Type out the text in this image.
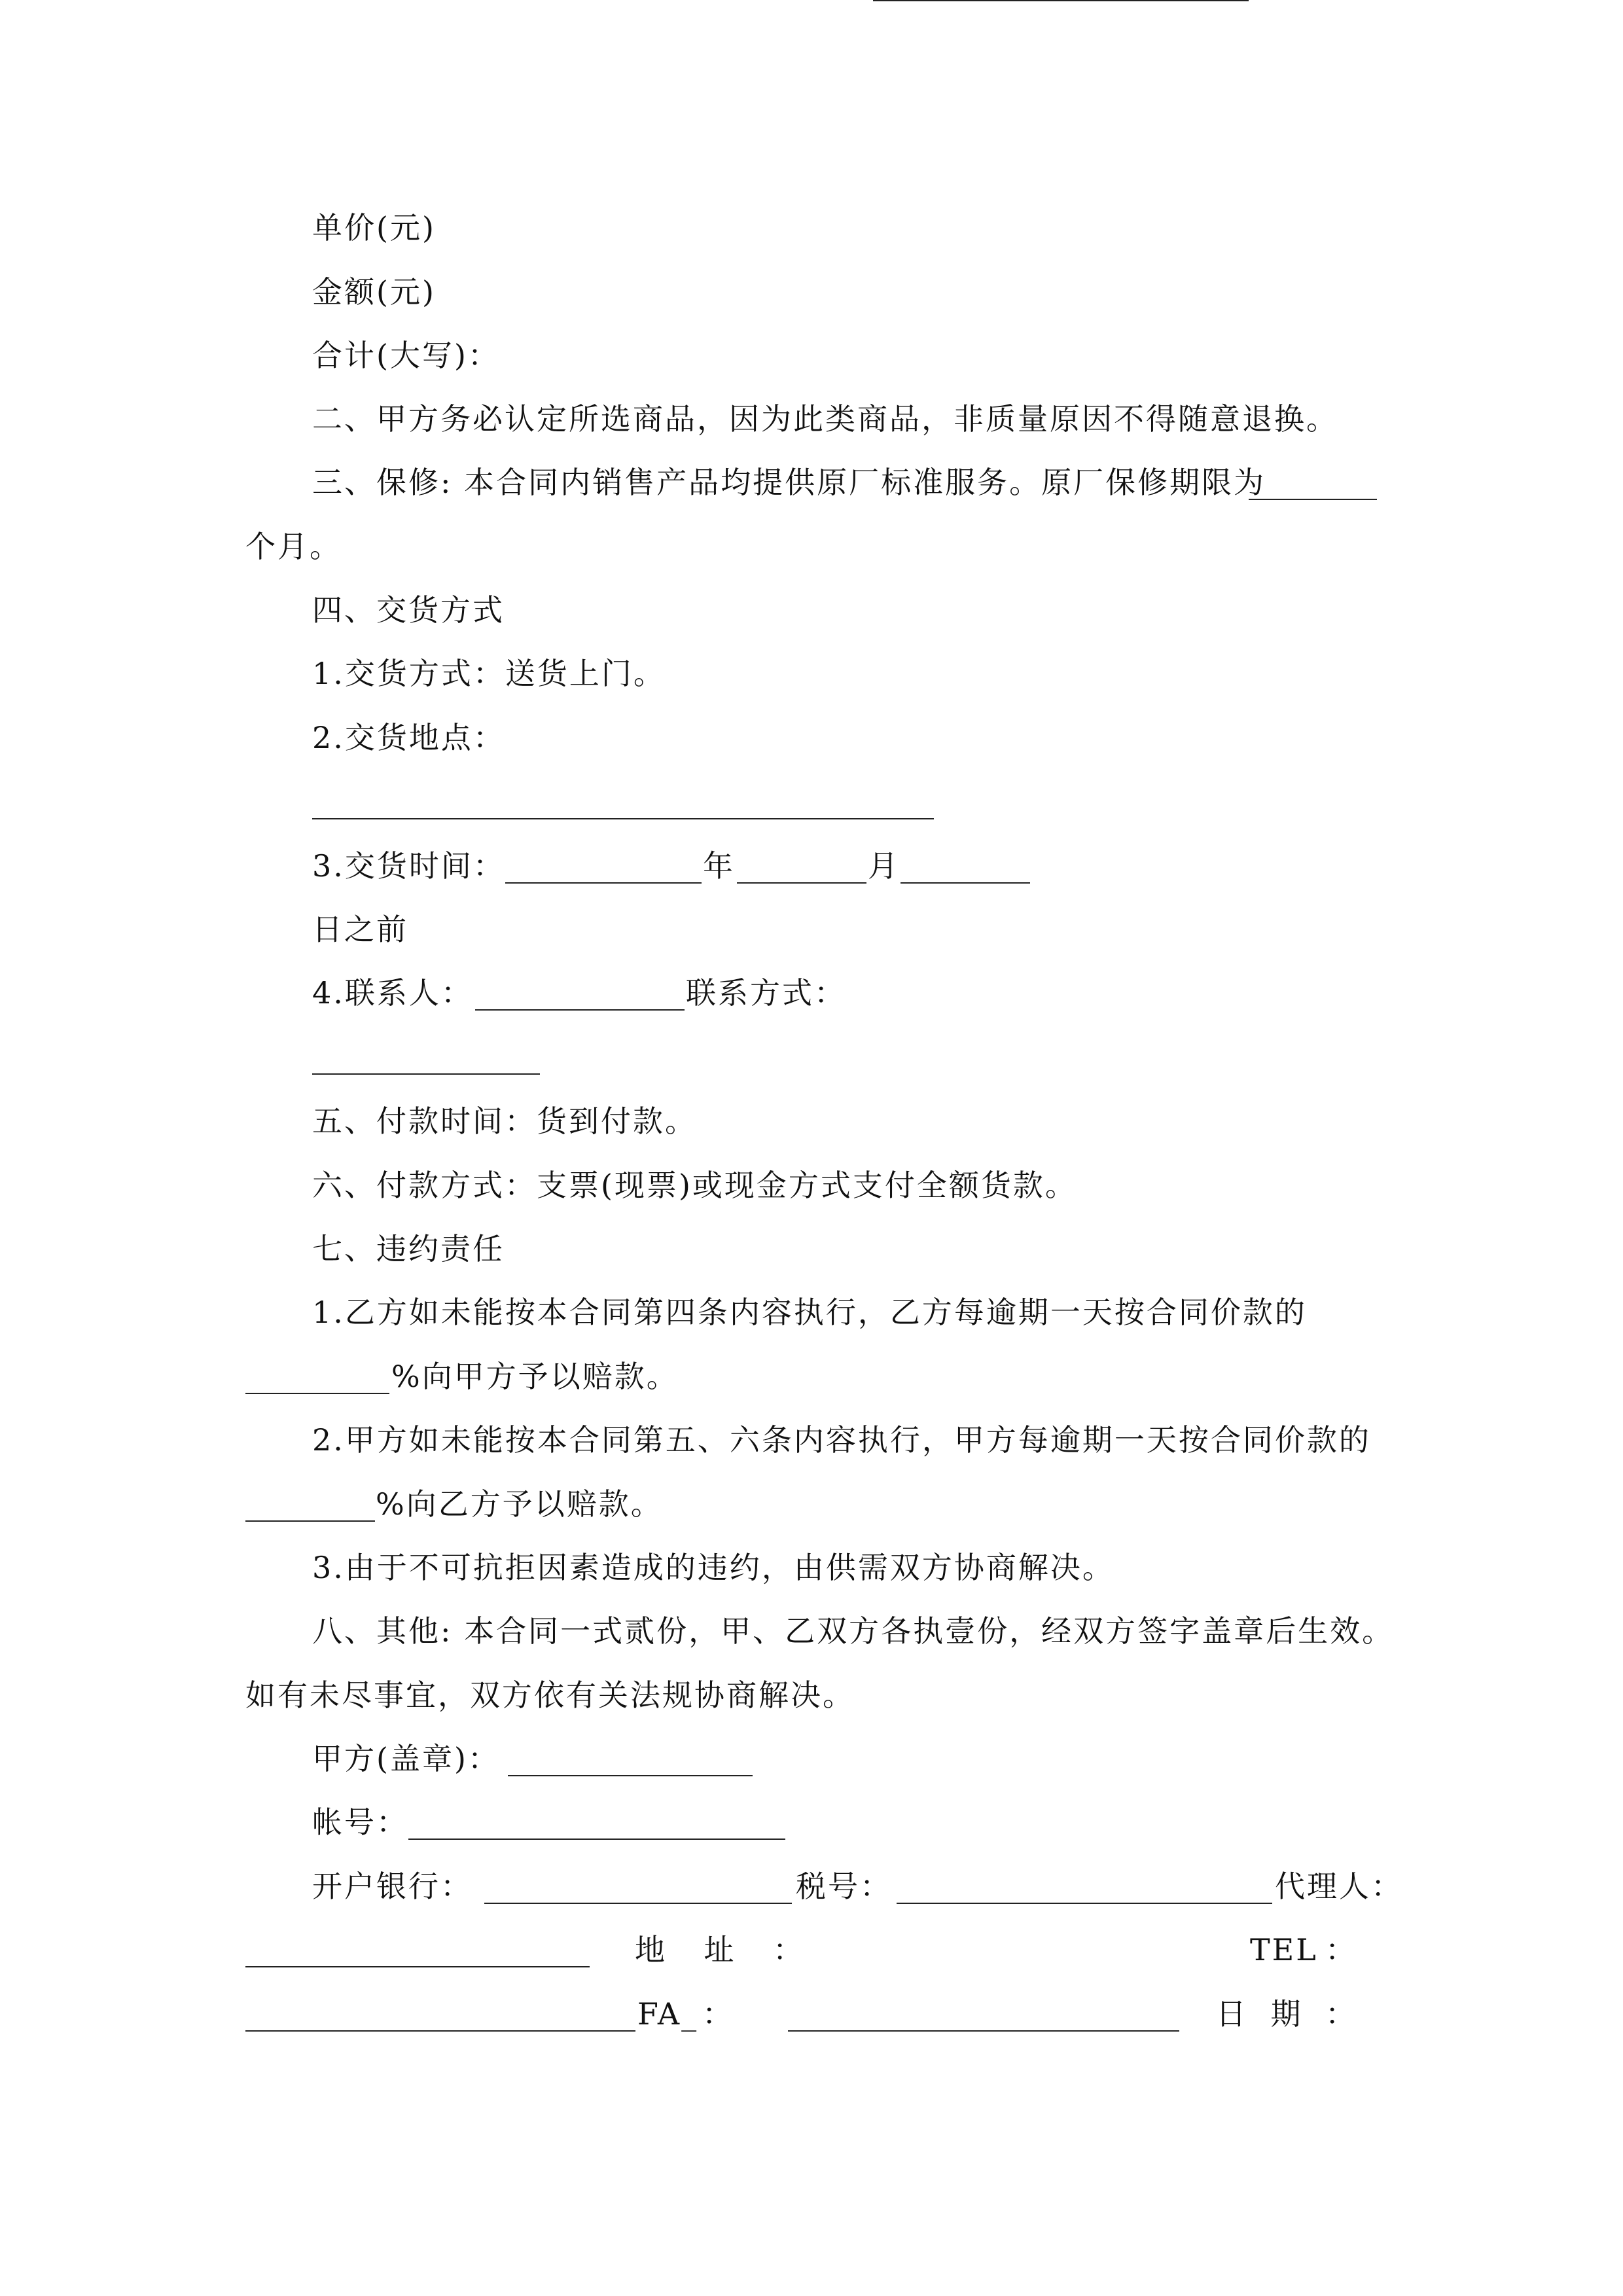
单价(元)
金额(元)
合计(大写)：
二、甲方务必认定所选商品，因为此类商品，非质量原因不得随意退换。
三、保修: 本合同内销售产品均提供原厂标准服务。原厂保修期限为
个月。
四、交货方式
1.交货方式：送货上门。
2.交货地点：
3.交货时间：	年	月
日之前
4.联系人：	联系方式：
五、付款时间：货到付款。
六、付款方式：支票(现票)或现金方式支付全额货款。
七、违约责任
1.乙方如未能按本合同第四条内容执行，乙方每逾期一天按合同价款的
%向甲方予以赔款。
2.甲方如未能按本合同第五、六条内容执行，甲方每逾期一天按合同价款的
%向乙方予以赔款。
3.由于不可抗拒因素造成的违约，由供需双方协商解决。
八、其他: 本合同一式贰份，甲、乙双方各执壹份，经双方签字盖章后生效。
如有未尽事宜，双方依有关法规协商解决。
甲方(盖章)：
帐号：
开户银行：	税号：	代理人：
地 址 ：	TEL ：
FA_ ：	日 期 ：
